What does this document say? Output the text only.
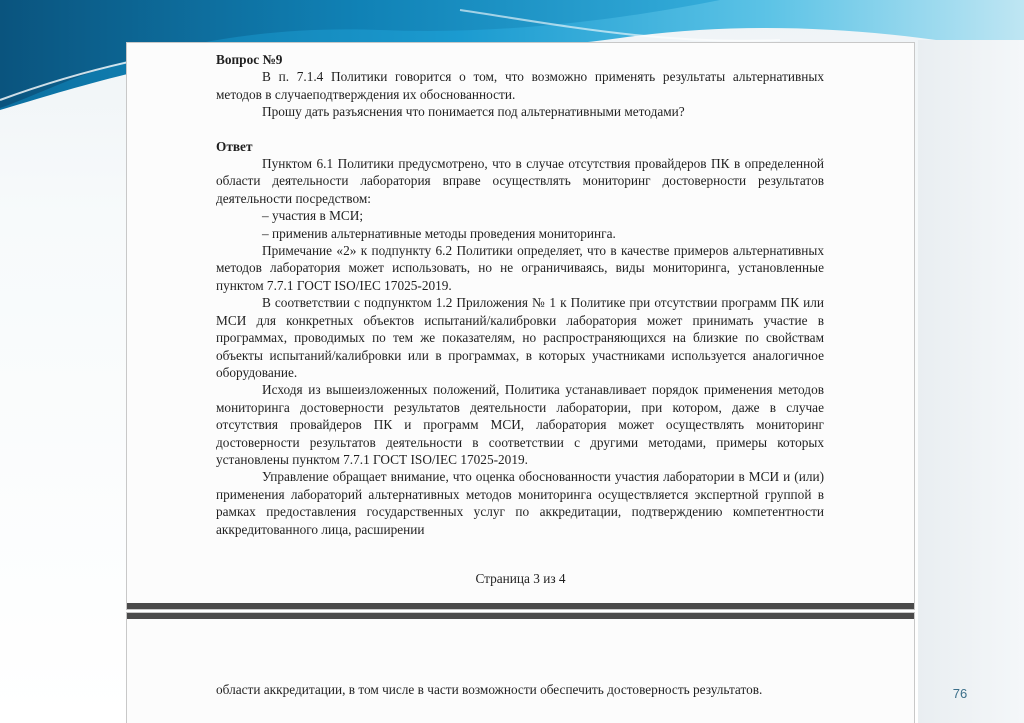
Вопрос №9

В п. 7.1.4 Политики говорится о том, что возможно применять результаты альтернативных методов в случаеподтверждения их обоснованности.

Прошу дать разъяснения что понимается под альтернативными методами?

Ответ

Пунктом 6.1 Политики предусмотрено, что в случае отсутствия провайдеров ПК в определенной области деятельности лаборатория вправе осуществлять мониторинг достоверности результатов деятельности посредством:

– участия в МСИ;

– применив альтернативные методы проведения мониторинга.

Примечание «2» к подпункту 6.2 Политики определяет, что в качестве примеров альтернативных методов лаборатория может использовать, но не ограничиваясь, виды мониторинга, установленные пунктом 7.7.1 ГОСТ ISO/IEC 17025-2019.

В соответствии с подпунктом 1.2 Приложения № 1 к Политике при отсутствии программ ПК или МСИ для конкретных объектов испытаний/калибровки лаборатория может принимать участие в программах, проводимых по тем же показателям, но распространяющихся на близкие по свойствам объекты испытаний/калибровки или в программах, в которых участниками используется аналогичное оборудование.

Исходя из вышеизложенных положений, Политика устанавливает порядок применения методов мониторинга достоверности результатов деятельности лаборатории, при котором, даже в случае отсутствия провайдеров ПК и программ МСИ, лаборатория может осуществлять мониторинг достоверности результатов деятельности в соответствии с другими методами, примеры которых установлены пунктом 7.7.1 ГОСТ ISO/IEC 17025-2019.

Управление обращает внимание, что оценка обоснованности участия лаборатории в МСИ и (или) применения лабораторий альтернативных методов мониторинга осуществляется экспертной группой в рамках предоставления государственных услуг по аккредитации, подтверждению компетентности аккредитованного лица, расширении

Страница 3 из 4

области аккредитации, в том числе в части возможности обеспечить достоверность результатов.	76
